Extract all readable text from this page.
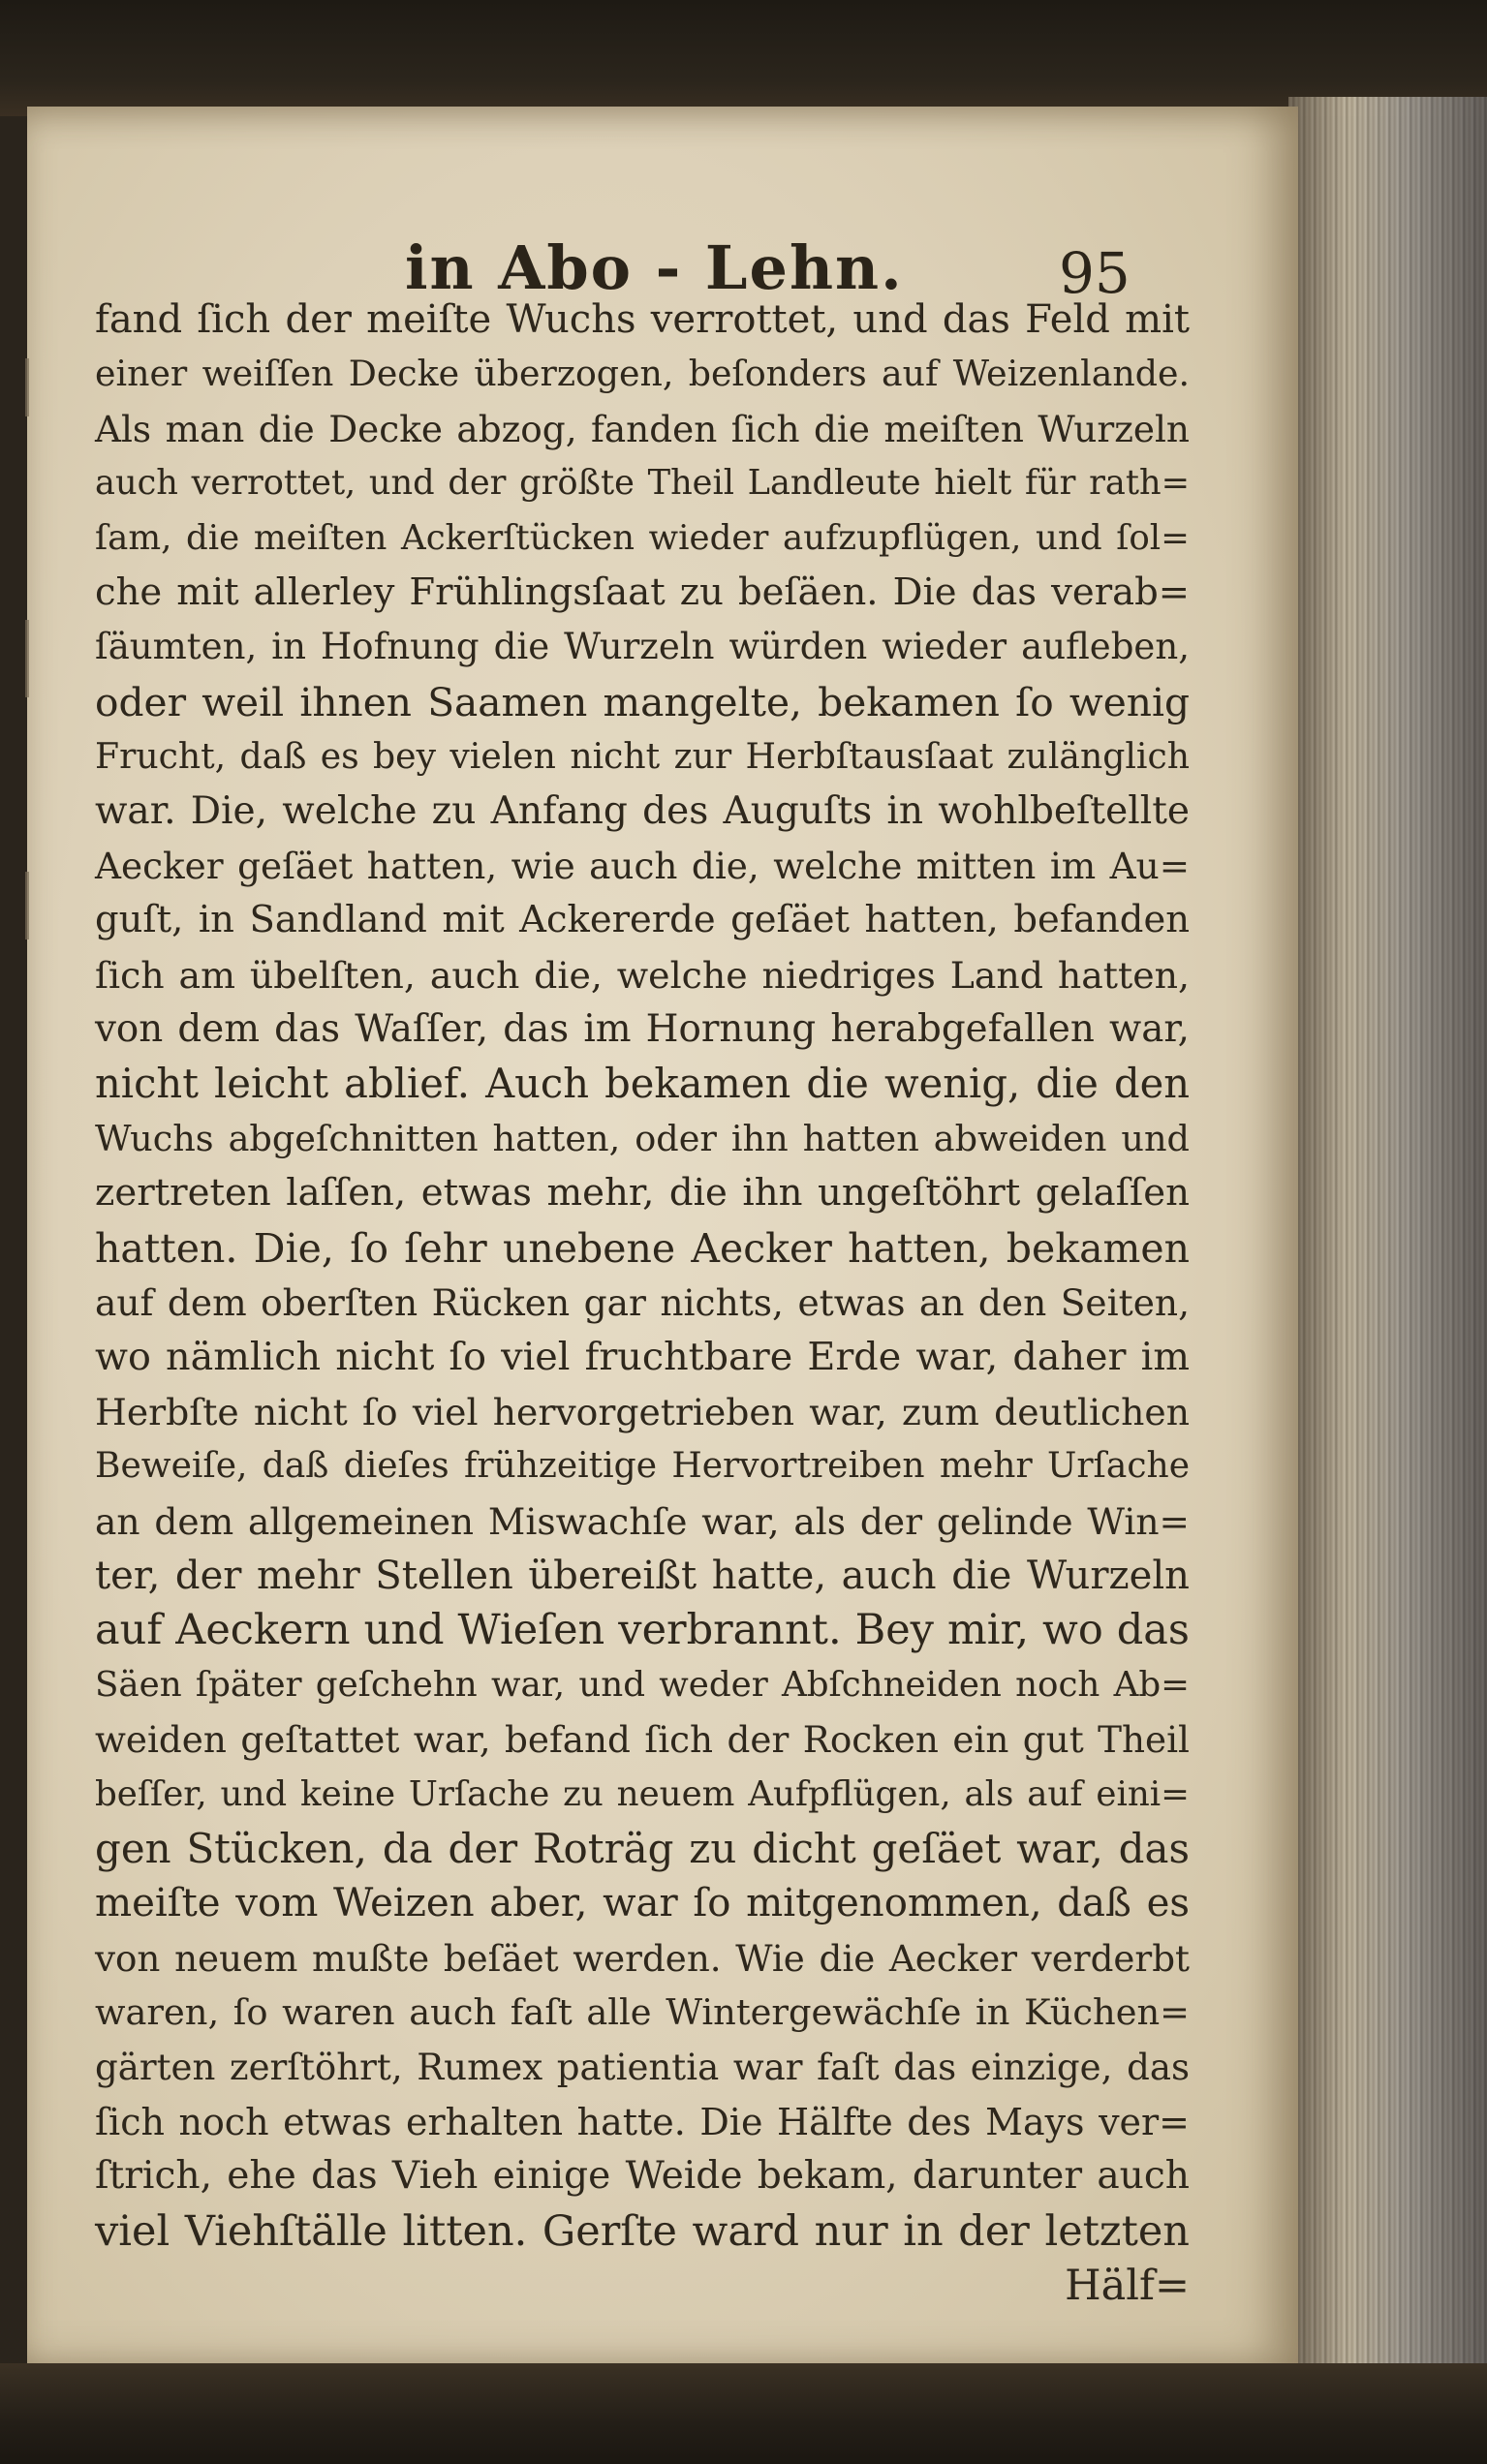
in Abo - Lehn.	95
fand ſich der meiſte Wuchs verrottet, und das Feld mit
einer weiſſen Decke überzogen, beſonders auf Weizenlande.
Als man die Decke abzog, fanden ſich die meiſten Wurzeln
auch verrottet, und der größte Theil Landleute hielt für rath=
ſam, die meiſten Ackerſtücken wieder aufzupflügen, und ſol=
che mit allerley Frühlingsſaat zu beſäen. Die das verab=
ſäumten, in Hofnung die Wurzeln würden wieder aufleben,
oder weil ihnen Saamen mangelte, bekamen ſo wenig
Frucht, daß es bey vielen nicht zur Herbſtausſaat zulänglich
war. Die, welche zu Anfang des Auguſts in wohlbeſtellte
Aecker geſäet hatten, wie auch die, welche mitten im Au=
guſt, in Sandland mit Ackererde geſäet hatten, befanden
ſich am übelſten, auch die, welche niedriges Land hatten,
von dem das Waſſer, das im Hornung herabgefallen war,
nicht leicht ablief. Auch bekamen die wenig, die den
Wuchs abgeſchnitten hatten, oder ihn hatten abweiden und
zertreten laſſen, etwas mehr, die ihn ungeſtöhrt gelaſſen
hatten. Die, ſo ſehr unebene Aecker hatten, bekamen
auf dem oberſten Rücken gar nichts, etwas an den Seiten,
wo nämlich nicht ſo viel fruchtbare Erde war, daher im
Herbſte nicht ſo viel hervorgetrieben war, zum deutlichen
Beweiſe, daß dieſes frühzeitige Hervortreiben mehr Urſache
an dem allgemeinen Miswachſe war, als der gelinde Win=
ter, der mehr Stellen übereißt hatte, auch die Wurzeln
auf Aeckern und Wieſen verbrannt. Bey mir, wo das
Säen ſpäter geſchehn war, und weder Abſchneiden noch Ab=
weiden geſtattet war, befand ſich der Rocken ein gut Theil
beſſer, und keine Urſache zu neuem Aufpflügen, als auf eini=
gen Stücken, da der Roträg zu dicht geſäet war, das
meiſte vom Weizen aber, war ſo mitgenommen, daß es
von neuem mußte beſäet werden. Wie die Aecker verderbt
waren, ſo waren auch faſt alle Wintergewächſe in Küchen=
gärten zerſtöhrt, Rumex patientia war faſt das einzige, das
ſich noch etwas erhalten hatte. Die Hälfte des Mays ver=
ſtrich, ehe das Vieh einige Weide bekam, darunter auch
viel Viehſtälle litten. Gerſte ward nur in der letzten
Hälf=
